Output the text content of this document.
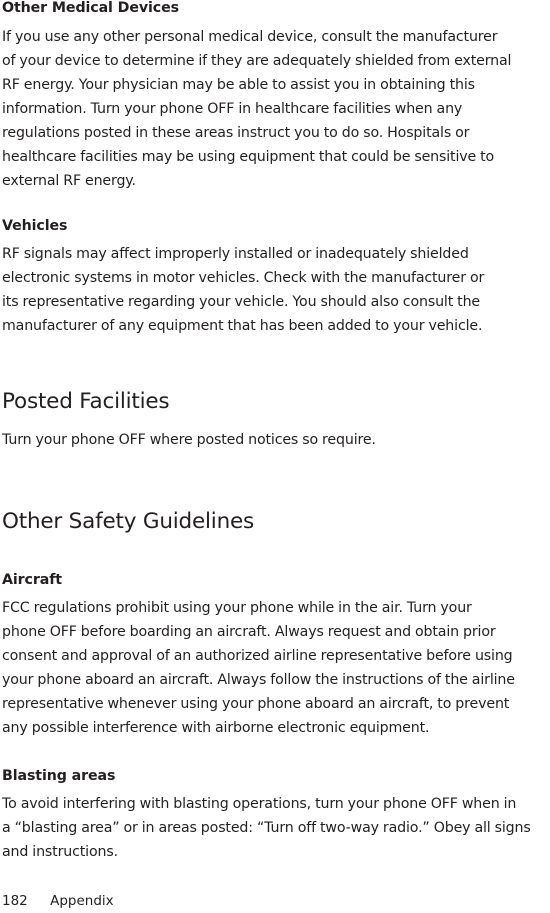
Other Medical Devices

If you use any other personal medical device, consult the manufacturer
of your device to determine if they are adequately shielded from external
RF energy. Your physician may be able to assist you in obtaining this
information. Turn your phone OFF in healthcare facilities when any
regulations posted in these areas instruct you to do so. Hospitals or
healthcare facilities may be using equipment that could be sensitive to
external RF energy.

Vehicles

RF signals may affect improperly installed or inadequately shielded
electronic systems in motor vehicles. Check with the manufacturer or
its representative regarding your vehicle. You should also consult the
manufacturer of any equipment that has been added to your vehicle.

Posted Facilities

Turn your phone OFF where posted notices so require.

Other Safety Guidelines
Aircraft

FCC regulations prohibit using your phone while in the air. Turn your
phone OFF before boarding an aircraft. Always request and obtain prior
consent and approval of an authorized airline representative before using
your phone aboard an aircraft. Always follow the instructions of the airline
representative whenever using your phone aboard an aircraft, to prevent
any possible interference with airborne electronic equipment.

Blasting areas

To avoid interfering with blasting operations, turn your phone OFF when in
a “blasting area” or in areas posted: “Turn off two-way radio.” Obey all signs
and instructions.

182 Appendix
